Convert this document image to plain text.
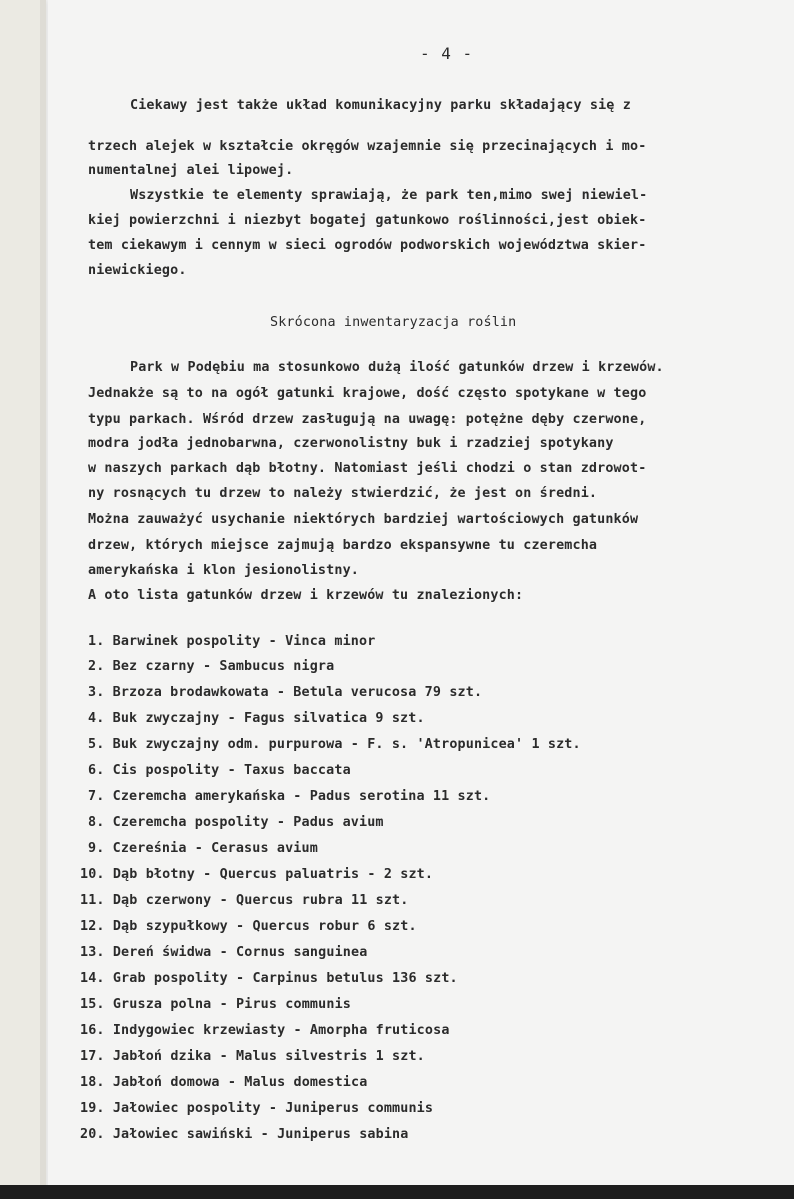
- 4 -
Ciekawy jest także układ komunikacyjny parku składający się z
trzech alejek w kształcie okręgów wzajemnie się przecinających i mo-
numentalnej alei lipowej.
Wszystkie te elementy sprawiają, że park ten,mimo swej niewiel-
kiej powierzchni i niezbyt bogatej gatunkowo roślinności,jest obiek-
tem ciekawym i cennym w sieci ogrodów podworskich województwa skier-
niewickiego.
Skrócona inwentaryzacja roślin
Park w Podębiu ma stosunkowo dużą ilość gatunków drzew i krzewów.
Jednakże są to na ogół gatunki krajowe, dość często spotykane w tego
typu parkach. Wśród drzew zasługują na uwagę: potężne dęby czerwone,
modra jodła jednobarwna, czerwonolistny buk i rzadziej spotykany
w naszych parkach dąb błotny. Natomiast jeśli chodzi o stan zdrowot-
ny rosnących tu drzew to należy stwierdzić, że jest on średni.
Można zauważyć usychanie niektórych bardziej wartościowych gatunków
drzew, których miejsce zajmują bardzo ekspansywne tu czeremcha
amerykańska i klon jesionolistny.
A oto lista gatunków drzew i krzewów tu znalezionych:
1. Barwinek pospolity - Vinca minor
2. Bez czarny - Sambucus nigra
3. Brzoza brodawkowata - Betula verucosa 79 szt.
4. Buk zwyczajny - Fagus silvatica 9 szt.
5. Buk zwyczajny odm. purpurowa - F. s. 'Atropunicea' 1 szt.
6. Cis pospolity - Taxus baccata
7. Czeremcha amerykańska - Padus serotina 11 szt.
8. Czeremcha pospolity - Padus avium
9. Czereśnia - Cerasus avium
10. Dąb błotny - Quercus paluatris - 2 szt.
11. Dąb czerwony - Quercus rubra 11 szt.
12. Dąb szypułkowy - Quercus robur 6 szt.
13. Dereń świdwa - Cornus sanguinea
14. Grab pospolity - Carpinus betulus 136 szt.
15. Grusza polna - Pirus communis
16. Indygowiec krzewiasty - Amorpha fruticosa
17. Jabłoń dzika - Malus silvestris 1 szt.
18. Jabłoń domowa - Malus domestica
19. Jałowiec pospolity - Juniperus communis
20. Jałowiec sawiński - Juniperus sabina
